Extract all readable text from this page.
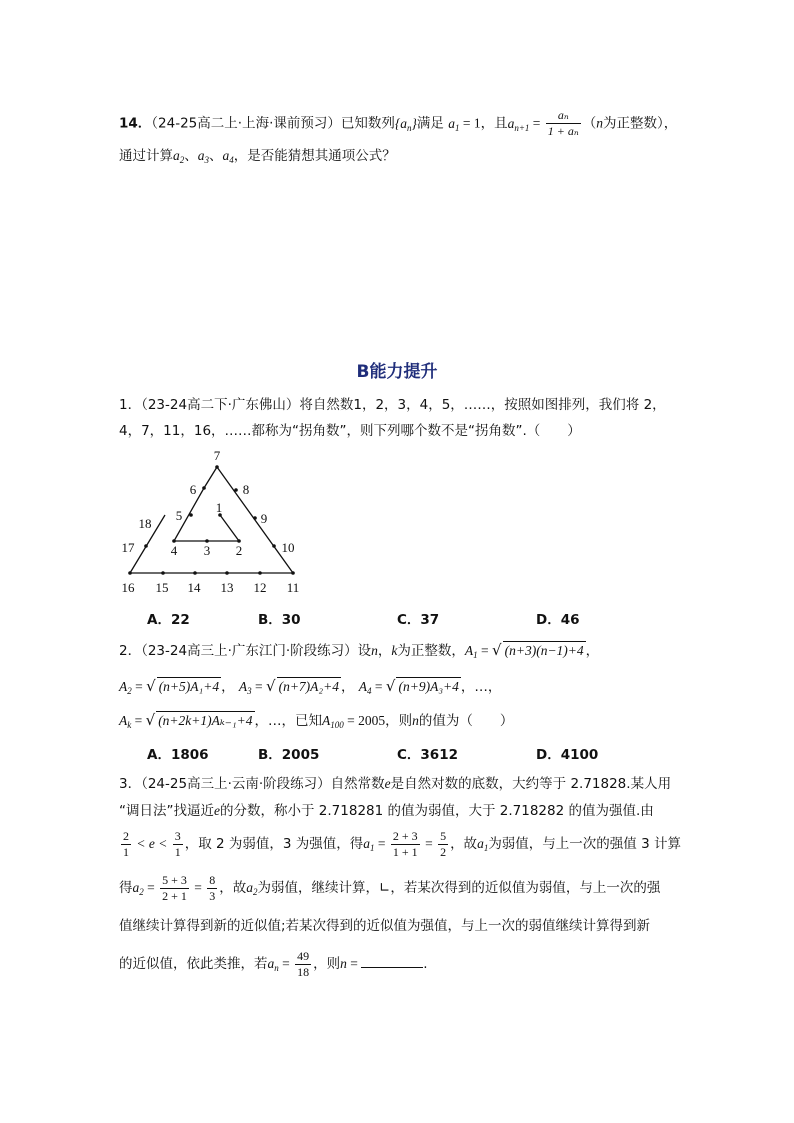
14．（24-25高二上·上海·课前预习）已知数列$\{a_n\}$满足 $a_1 = 1$，且$a_{n+1} = \frac{\text{aₙ}}{\text{1 + aₙ}} (n$为正整数），
通过计算$a_2$、$a_3$、$a_4$，是否能猜想其通项公式？
B能力提升
1．（23-24高二下·广东佛山）将自然数1，2，3，4，5，……，按照如图排列，我们将 2，
4，7，11，16，……都称为“拐角数”，则下列哪个数不是“拐角数”.（　　）
7
6	8
1
5	9
18
17	4 3 2	10
16 15 14 13 12 11
A．22	B．30	C．37	D．46
2．（23-24高三上·广东江门·阶段练习）设n，k为正整数，$A_1$ = √ (n+3)(n−1)+4 ，
$A_2$ = √ (n+5)A₁+4 ， $A_3$ = √ (n+7)A₂+4 ， $A_4$ = √ (n+9)A₃+4 ，…，
$A_k$ = √ (n+2k+1)Aₖ₋₁+4 ，…，已知$A_{100} = 2005$，则n的值为（　　）
A．1806	B．2005	C．3612	D．4100
3．（24-25高三上·云南·阶段练习）自然常数e是自然对数的底数，大约等于 2.71828.某人用
“调日法”找逼近e的分数，称小于 2.718281 的值为弱值，大于 2.718282 的值为强值.由
$\frac{2}{1} < e < \frac{3}{1}$ ，取 2 为弱值，3 为强值，得$a_1 = \frac{2 + 3}{1 + 1} = \frac{5}{2}$ ，故$a_1$为弱值，与上一次的强值 3 计算
得$a_2 = \frac{5 + 3}{2 + 1} = \frac{8}{3}$ ，故$a_2$为弱值，继续计算，∟，若某次得到的近似值为弱值，与上一次的强
值继续计算得到新的近似值;若某次得到的近似值为强值，与上一次的弱值继续计算得到新
的近似值，依此类推，若$a_n = \frac{49}{18}$ ，则n =	.
